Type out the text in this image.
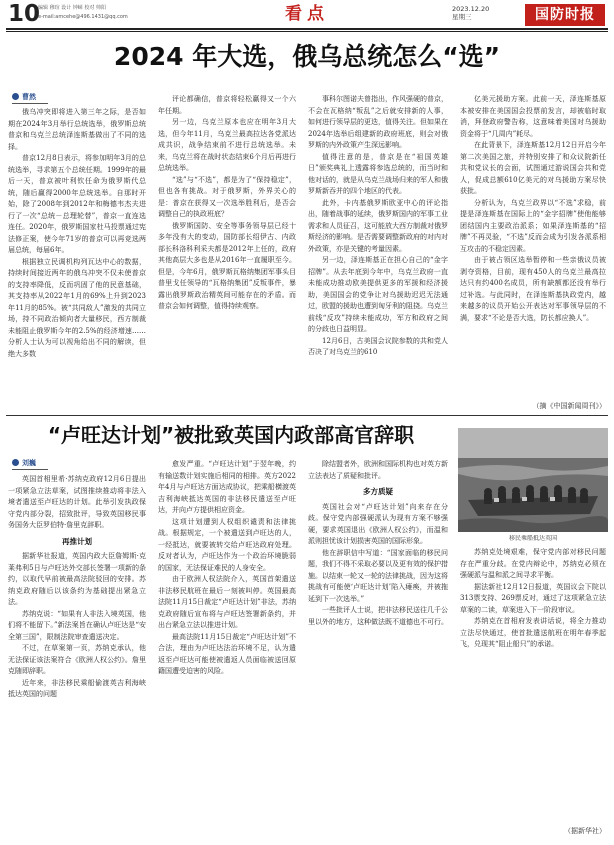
10
编辑 穆瑄 设计 钟嶂 校对 帅阳
e-mail:amcehe@496.1431@qq.com	看点	2023.12.20
星期三	国防时报
2024 年大选，俄乌总统怎么“选”
曹然

俄乌冲突即将进入第三年之际，是否如期在2024年3月举行总统选举，俄罗斯总统普京和乌克兰总统泽连斯基做出了不同的选择。

普京12月8日表示，将参加明年3月的总统选举，寻求第五个总统任期。1999年的最后一天，普京被叶利钦任命为俄罗斯代总统，随后赢得2000年总统选举。自那时开始，除了2008年到2012年和梅德韦杰夫进行了一次“总统－总理轮替”，普京一直连选连任。2020年，俄罗斯国家杜马投票通过宪法修正案，使今年71岁的普京可以再竞选两届总统，每届6年。

根据独立民调机构列瓦达中心的数据，持续时间接近两年的俄乌冲突不仅未使普京的支持率降低，反而巩固了他的民意基础，其支持率从2022年1月的69%上升到2023年11月的85%。被“共同敌人”激发的共同立场，持不同政治倾向者大量移民，西方制裁未能阻止俄罗斯今年的2.5%的经济增速……分析人士认为可以视角给出不同的解读，但绝大多数

评论都确信，普京将轻松赢得又一个六年任期。

另一边，乌克兰原本也应在明年3月大选，但今年11月，乌克兰最高拉达各党派达成共识，战争结束前不进行总统选举。未来，乌克兰将在战时状态结束6个月后再进行总统选举。

“选”与“不选”，都是为了“保持稳定”，但也各有挑战。对于俄罗斯，外界关心的是：普京在获得又一次选举胜利后，是否会调整自己的执政班底？

俄罗斯国防、安全等事务领导层已经十多年没有大的变动，国防部长绍伊古、内政部长科洛科利采夫都是2012年上任的，政府其他高层大多也是从2016年一直履职至今。但是，今年6月，俄罗斯瓦格纳集团军事头目普里戈任领导的“瓦格纳集团”反叛事件，暴露出俄罗斯政治精英间可能存在的矛盾。而普京会如何调整，值得持续观察。

事科尔图诺夫曾指出，作风强硬的普京，不会在瓦格纳“叛乱”之后就安排新的人事，如何进行领导层的更迭，值得关注。但如果在2024年选举后组建新的政府班底，则会对俄罗斯的内外政策产生深远影响。

值得注意的是，普京是在“祖国英雄日”颁奖典礼上透露将参选总统的，而当时和他对话的，就是从乌克兰战场归来的军人和俄罗斯新吞并的四个地区的代表。

此外，卡内基俄罗斯欧亚中心的评论指出，随着战事的延续，俄罗斯国内的军事工业需求和人员征召，这可能放大西方制裁对俄罗斯经济的影响。是否需要调整新政府的对内对外政策，亦是关键的考量因素。

另一边，泽连斯基正在担心自己的“金字招牌”。从去年底到今年中，乌克兰政府一直未能成功推动欧美提供更多的军援和经济援助，美国国会的党争让对乌援助迟迟无法通过，欧盟的援助也遭到匈牙利的阻挠。乌克兰前线“反攻”持续未能成功，军方和政府之间的分歧也日益明显。

12月6日，古美国会议院参数的共和党人否决了对乌克兰的610

亿美元援助方案。此前一天，泽连斯基原本被安排在美国国会投票前发言，却被临时取消，拜登政府警告称，这意味着美国对乌援助资金将于“几周内”耗尽。

在此背景下，泽连斯基12月12日开启今年第二次美国之旅，并特别安排了和众议院新任共和党议长的会面，试图通过游说国会共和党人，促成总额610亿美元的对乌援助方案尽快获批。

分析认为，乌克兰政界以“不选”求稳，前提是泽连斯基在国际上的“金字招牌”使他能够团结国内主要政治派系；如果泽连斯基的“招牌”不再灵验，“不选”反而会成为引发各派系相互攻击的不稳定因素。

由于被占领区选举暂停和一些亲俄议员被剥夺资格，目前，现有450人的乌克兰最高拉达只有约400名成员，所有缺额都还没有举行过补选。与此同时，在泽连斯基执政党内，越来越多的议员开始公开表达对军事领导层的不满，要求“不论是否大选，防长都应换人”。

（摘《中国新闻周刊》）

“卢旺达计划”被批致英国内政部高官辞职
刘巍

英国首相里希·苏纳克政府12月6日提出一项紧急立法草案，试图推续推动将非法入境者遣送至卢旺达的计划。此举引发执政保守党内部分裂，招致批评，导致英国移民事务国务大臣罗伯特·詹里克辞职。

再推计划

据新华社报道，英国内政大臣詹姆斯·克莱弗利5日与卢旺达外交部长签署一项新的条约，以取代早前被最高法院驳回的安排。苏纳克政府随后以该条约为基础提出紧急立法。

苏纳克说：“如果有人非法入境英国，他们将不能留下。”新法案旨在确认卢旺达是“安全第三国”，限制法院审查遣送决定。

不过，在草案第一页，苏纳克承认，他无法保证该法案符合《欧洲人权公约》。詹里克随即辞职。

近年来，非法移民乘船偷渡英吉利海峡抵达英国的问题

愈发严重。“卢旺达计划”于翌年晚，约有输送数计划实施后相同的相排。英方2022年4月与卢旺达方面达成协议，把乘船横渡英吉利海峡抵达英国的非法移民遣送至卢旺达，并向卢方提供相应资金。

这项计划遭到人权组织谴责和法律挑战。根据规定，一个被遣送到卢旺达的人，一经抵达，就要被转交给卢旺达政府处理。反对者认为，卢旺达作为一个政治环境脆弱的国家，无法保证难民的人身安全。

由于欧洲人权法院介入，英国首架遣送非法移民航班在最后一刻被叫停。英国最高法院11月15日裁定“卢旺达计划”非法，苏纳克政府随后宣布将与卢旺达签署新条约，并出台紧急立法以推进计划。

最高法院11月15日裁定“卢旺达计划”不合法，理由为卢旺达法治环境不足，认为遣返至卢旺达可能使被遣返人员面临被送回原籍国遭受迫害的风险。

除结盟者外，欧洲和国际机构也对英方新立法表达了质疑和批评。

多方质疑

英国社会对“卢旺达计划”向来存在分歧。保守党内部强硬派认为现有方案不够强硬，要求英国退出《欧洲人权公约》，而温和派则担忧该计划损害英国的国际形象。

他在辞职信中写道：“国家面临的移民问题，我们不得不采取必要以及更有效的保护措施。以结束一轮又一轮的法律挑战，因为这将挑战有可能使‘卢旺达计划’陷入瘫痪，并被拖延到下一次选举。”

一些批评人士说，把非法移民送往几千公里以外的地方，这种做法既不道德也不可行。

移民乘船抵达英国

苏纳克处境艰难，保守党内部对移民问题存在严重分歧。在党内辩论中，苏纳克必须在强硬派与温和派之间寻求平衡。

据法新社12月12日报道，英国议会下院以313票支持、269票反对，通过了这项紧急立法草案的二读，草案进入下一阶段审议。

苏纳克在首相府发表讲话说，将全力推动立法尽快通过，使首批遣送航班在明年春季起飞，兑现其“阻止船只”的承诺。

（据新华社）
